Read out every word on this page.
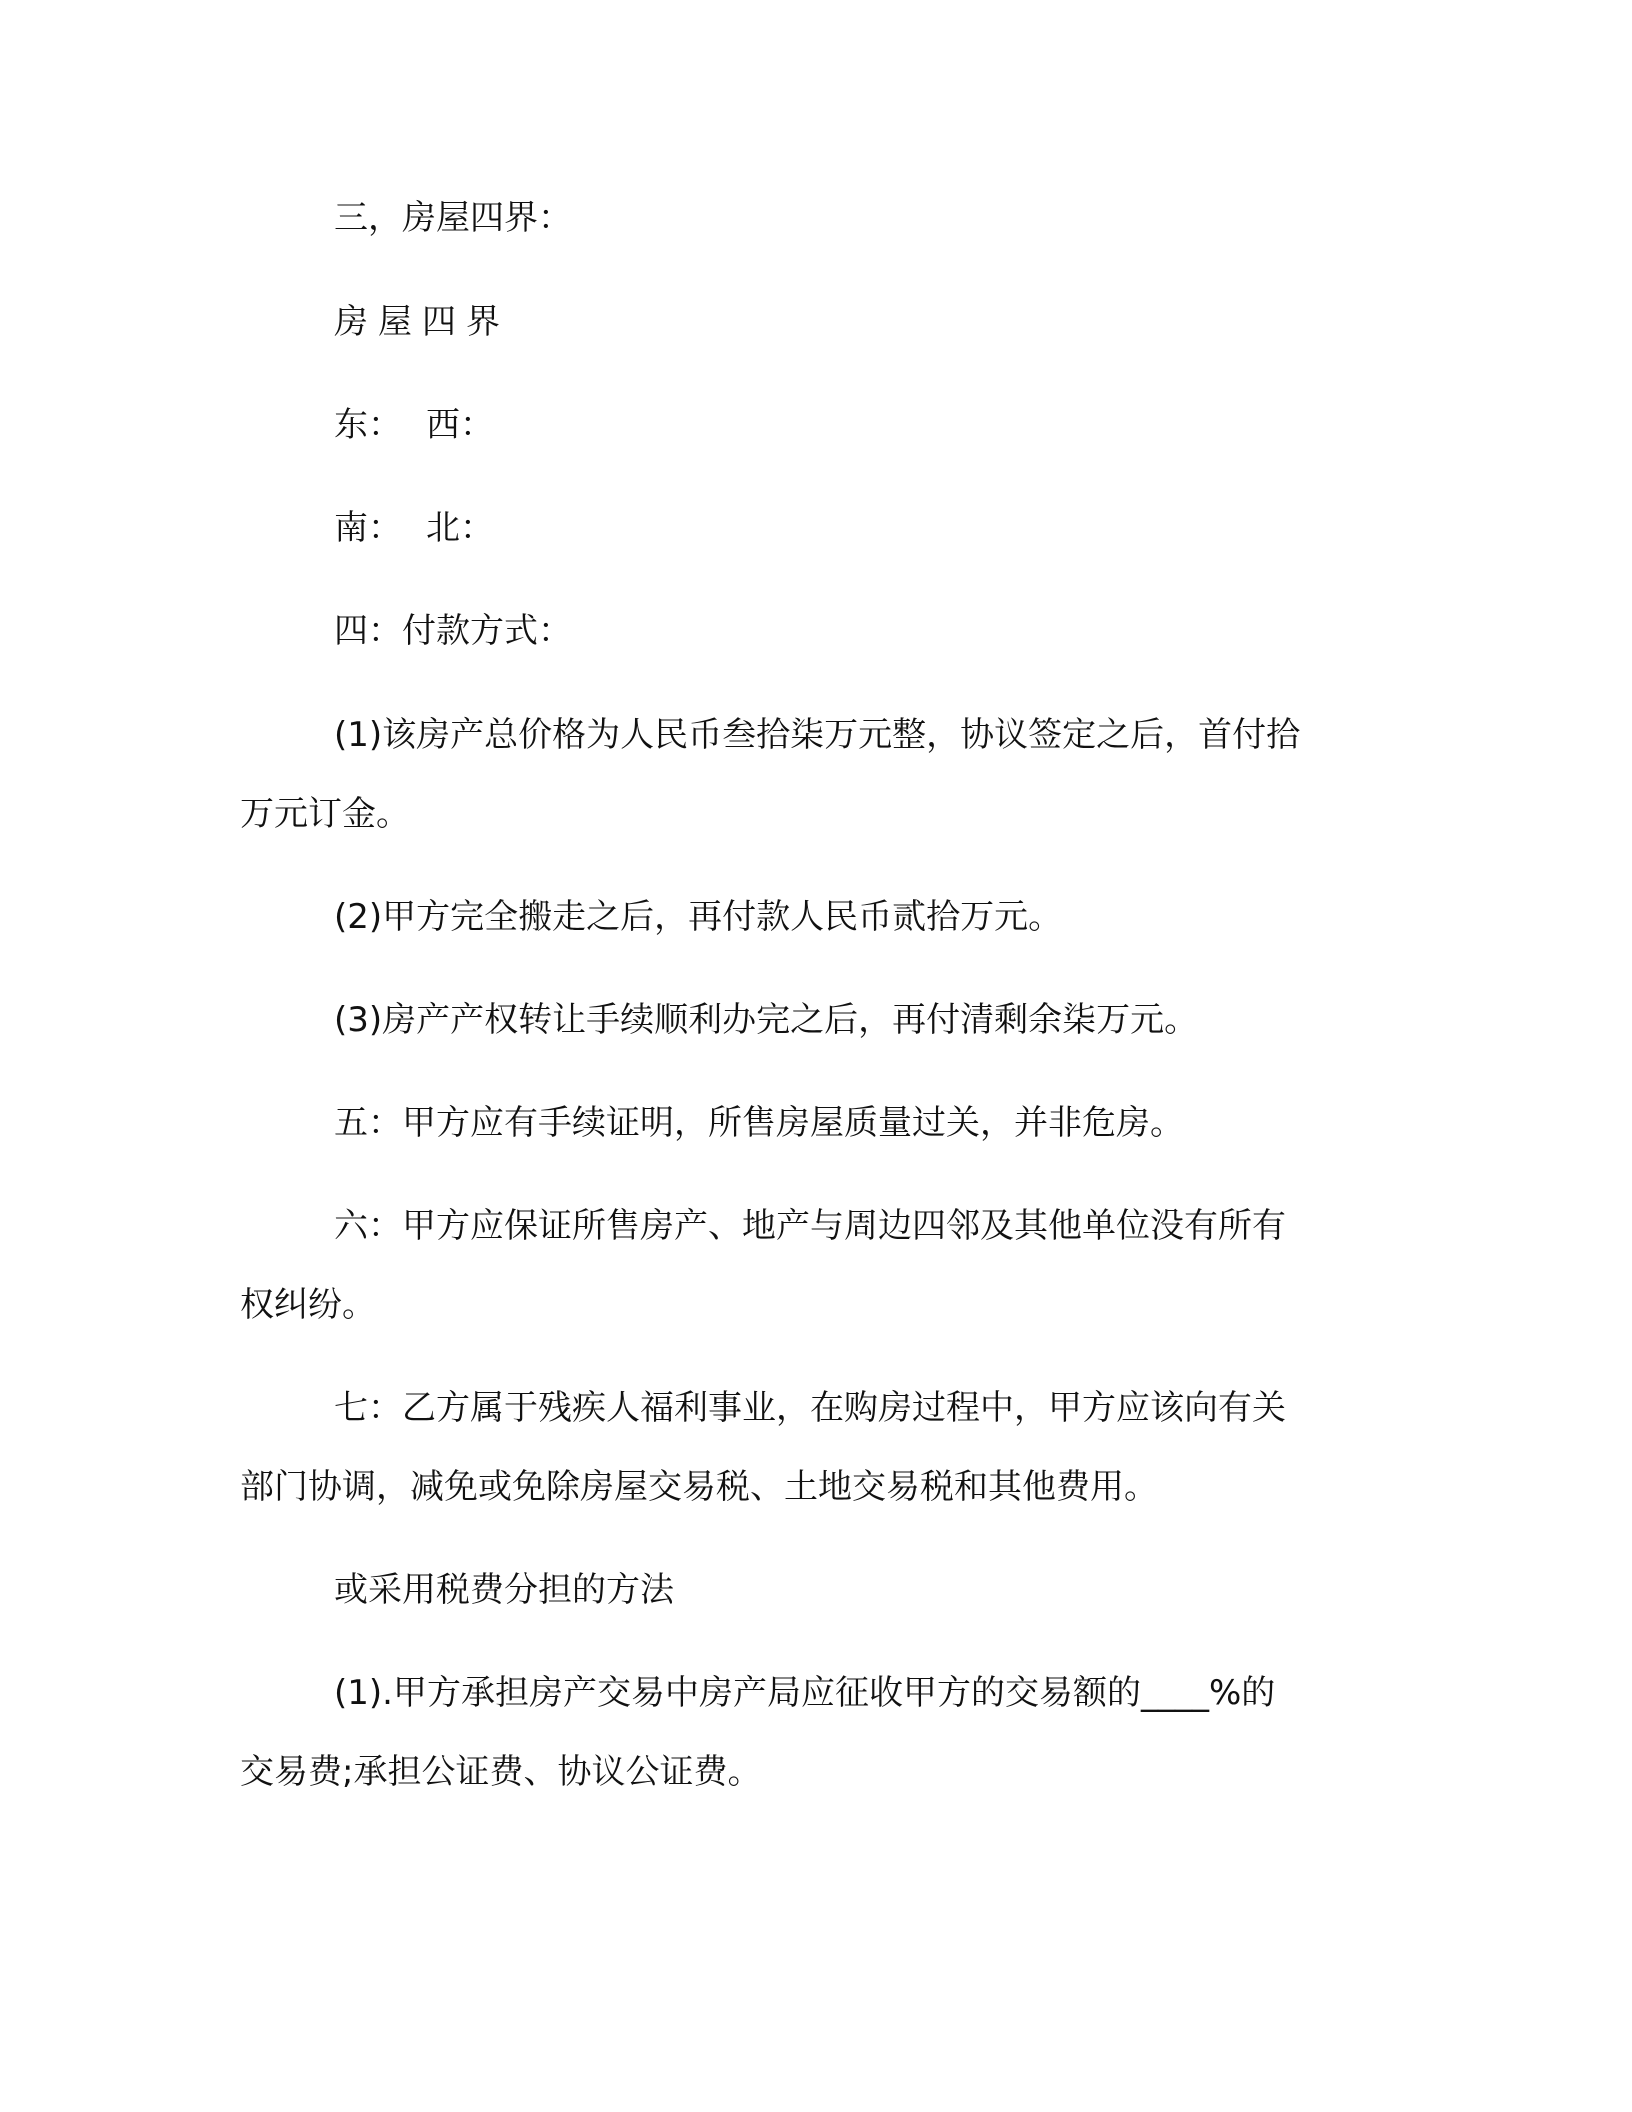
三，房屋四界：
房屋四界
东： 西：
南： 北：
四：付款方式：
(1)该房产总价格为人民币叁拾柒万元整，协议签定之后，首付拾
万元订金。
(2)甲方完全搬走之后，再付款人民币贰拾万元。
(3)房产产权转让手续顺利办完之后，再付清剩余柒万元。
五：甲方应有手续证明，所售房屋质量过关，并非危房。
六：甲方应保证所售房产、地产与周边四邻及其他单位没有所有
权纠纷。
七：乙方属于残疾人福利事业，在购房过程中，甲方应该向有关
部门协调，减免或免除房屋交易税、土地交易税和其他费用。
或采用税费分担的方法
(1).甲方承担房产交易中房产局应征收甲方的交易额的____%的
交易费;承担公证费、协议公证费。
